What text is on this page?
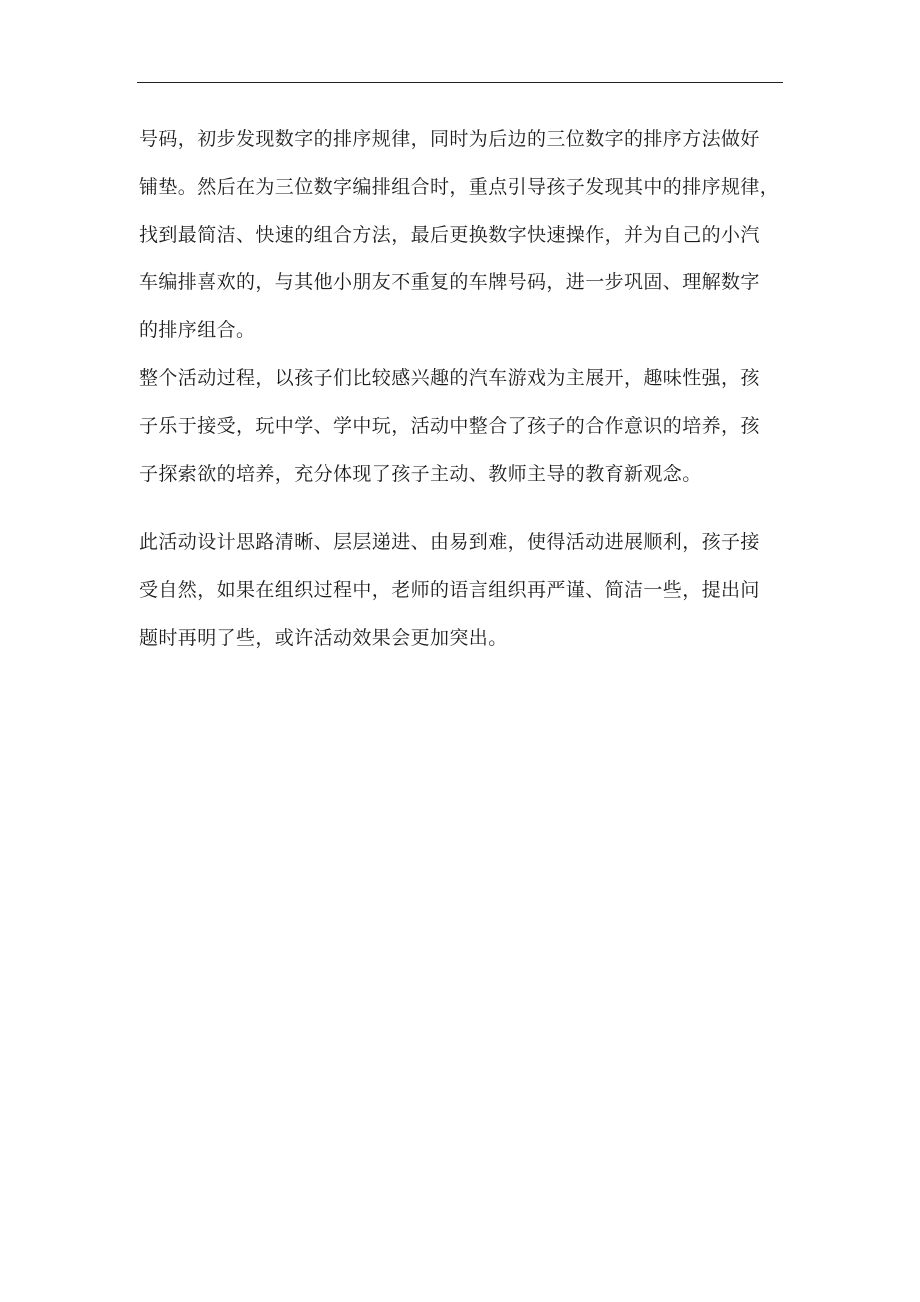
号码，初步发现数字的排序规律，同时为后边的三位数字的排序方法做好
铺垫。然后在为三位数字编排组合时，重点引导孩子发现其中的排序规律，
找到最简洁、快速的组合方法，最后更换数字快速操作，并为自己的小汽
车编排喜欢的，与其他小朋友不重复的车牌号码，进一步巩固、理解数字
的排序组合。
整个活动过程，以孩子们比较感兴趣的汽车游戏为主展开，趣味性强，孩
子乐于接受，玩中学、学中玩，活动中整合了孩子的合作意识的培养，孩
子探索欲的培养，充分体现了孩子主动、教师主导的教育新观念。
此活动设计思路清晰、层层递进、由易到难，使得活动进展顺利，孩子接
受自然，如果在组织过程中，老师的语言组织再严谨、简洁一些，提出问
题时再明了些，或许活动效果会更加突出。
